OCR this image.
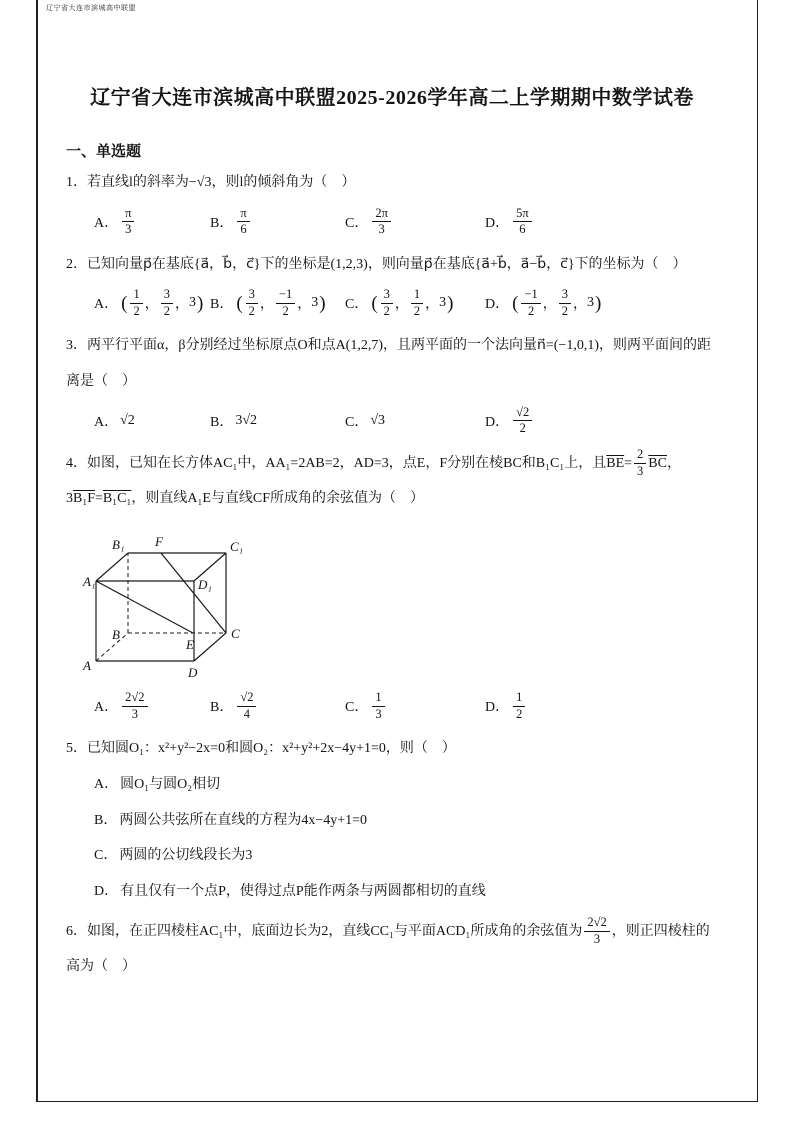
辽宁省大连市滨城高中联盟
辽宁省大连市滨城高中联盟2025-2026学年高二上学期期中数学试卷
一、单选题

1．若直线l的斜率为−√3，则l的倾斜角为（　）

A． $\frac{\pi}{3}$	B． $\frac{\pi}{6}$	C． $\frac{2\pi}{3}$	D． $\frac{5\pi}{6}$

2．已知向量p⃗在基底{a⃗，b⃗，c⃗}下的坐标是(1,2,3)，则向量p⃗在基底{a⃗+b⃗，a⃗−b⃗，c⃗}下的坐标为（　）

A． ( $\frac{1}{2}$ ， $\frac{3}{2}$ ， 3 ) B． ( $\frac{3}{2}$ ， $\frac{-1}{2}$ ， 3 ) C． ( $\frac{3}{2}$ ， $\frac{1}{2}$ ， 3 ) D． ( $\frac{-1}{2}$ ， $\frac{3}{2}$ ， 3 )

3．两平行平面α，β分别经过坐标原点O和点A(1,2,7)，且两平面的一个法向量n⃗=(−1,0,1)，则两平面间的距离是（　）

A． √2	B． 3√2	C． √3	D． $\frac{√2}{2}$

4．如图，已知在长方体AC₁中，AA₁=2AB=2，AD=3，点E，F分别在棱BC和B₁C₁上，且$\overline{BE}= \frac{2}{3} \overline{BC}$，3B₁F=B₁C₁，则直线A₁E与直线CF所成角的余弦值为（　）

A₁
B₁ F	C₁
D₁
B	C
E
A	D
A． $\frac{2√2}{3}$	B． $\frac{√2}{4}$	C． $\frac{1}{3}$	D． $\frac{1}{2}$

5．已知圆O₁：x²+y²−2x=0和圆O₂：x²+y²+2x−4y+1=0，则（　）

A． 圆O₁与圆O₂相切

B． 两圆公共弦所在直线的方程为4x−4y+1=0

C． 两圆的公切线段长为3

D． 有且仅有一个点P，使得过点P能作两条与两圆都相切的直线

6．如图，在正四棱柱AC₁中，底面边长为2，直线CC₁与平面ACD₁所成角的余弦值为 $\frac{2√2}{3}$ ，则正四棱柱的高为（　）
